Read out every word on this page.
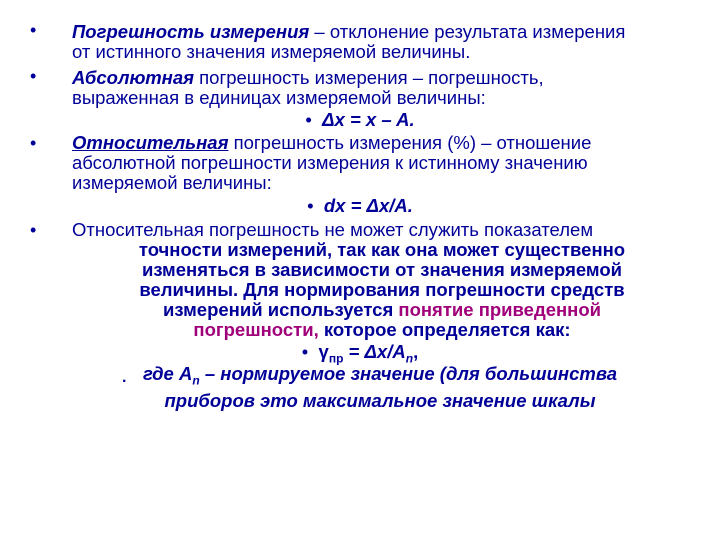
• Погрешность измерения – отклонение результата измерения
от истинного значения измеряемой величины.
• Абсолютная погрешность измерения – погрешность,
выраженная в единицах измеряемой величины:
• Δx = x – A.
• Относительная погрешность измерения (%) – отношение
абсолютной погрешности измерения к истинному значению
измеряемой величины:
• dx = Δx/A.
• Относительная погрешность не может служить показателем
точности измерений, так как она может существенно
изменяться в зависимости от значения измеряемой
величины. Для нормирования погрешности средств
измерений используется понятие приведенной
погрешности, которое определяется как:
• $\gamma_{пр} = \Delta x/A_n$,
. где $A_n$ – нормируемое значение (для большинства
приборов это максимальное значение шкалы
